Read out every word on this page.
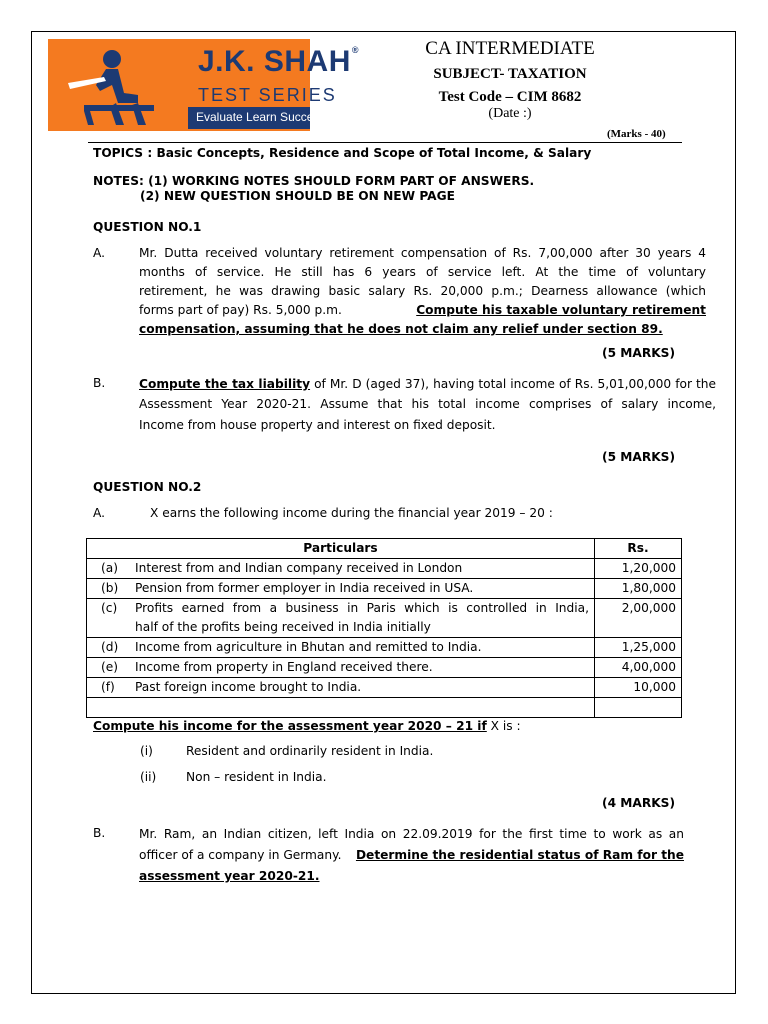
J.K. SHAH®
TEST SERIES
Evaluate Learn Succeed
CA INTERMEDIATE
SUBJECT- TAXATION
Test Code – CIM 8682
(Date :)
(Marks - 40)
TOPICS : Basic Concepts, Residence and Scope of Total Income, & Salary
NOTES: (1) WORKING NOTES SHOULD FORM PART OF ANSWERS.
(2) NEW QUESTION SHOULD BE ON NEW PAGE
QUESTION NO.1
A.	Mr. Dutta received voluntary retirement compensation of Rs. 7,00,000 after 30 years 4
months of service. He still has 6 years of service left. At the time of voluntary
retirement, he was drawing basic salary Rs. 20,000 p.m.; Dearness allowance (which
forms part of pay) Rs. 5,000 p.m.	Compute his taxable voluntary retirement
compensation, assuming that he does not claim any relief under section 89.
(5 MARKS)
B.	Compute the tax liability of Mr. D (aged 37), having total income of Rs. 5,01,00,000 for the
Assessment Year 2020-21. Assume that his total income comprises of salary income,
Income from house property and interest on fixed deposit.
(5 MARKS)
QUESTION NO.2
A.	X earns the following income during the financial year 2019 – 20 :
Particulars		Rs.
(a)	Interest from and Indian company received in London	1,20,000
(b)	Pension from former employer in India received in USA.	1,80,000
(c)	Profits earned from a business in Paris which is controlled in India,
half of the profits being received in India initially	2,00,000
(d)	Income from agriculture in Bhutan and remitted to India.	1,25,000
(e)	Income from property in England received there.	4,00,000
(f)	Past foreign income brought to India.	10,000

Compute his income for the assessment year 2020 – 21 if X is :
(i)	Resident and ordinarily resident in India.
(ii) Non – resident in India.
(4 MARKS)
B.	Mr. Ram, an Indian citizen, left India on 22.09.2019 for the first time to work as an
officer of a company in Germany. Determine the residential status of Ram for the
assessment year 2020-21.
